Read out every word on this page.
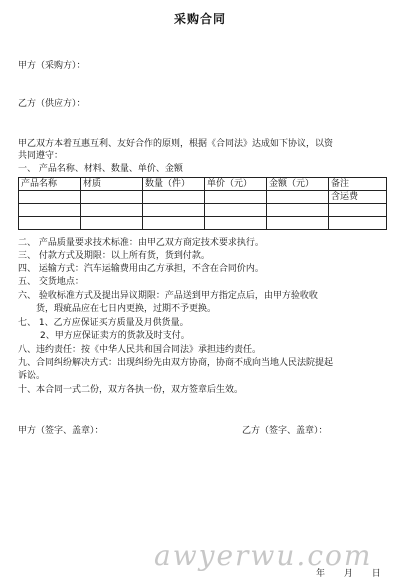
采购合同
甲方（采购方）：
乙方（供应方）：
甲乙双方本着互惠互利、友好合作的原则，根据《合同法》达成如下协议，以资
共同遵守：
一、 产品名称、材料、数量、单价、金额
产品名称	材质	数量（件）	单价（元）	金额（元）	备注
					含运费

二、 产品质量要求技术标准：由甲乙双方商定技术要求执行。
三、 付款方式及期限：以上所有货，货到付款。
四、 运输方式：汽车运输费用由乙方承担，不含在合同价内。
五、 交货地点：
六、 验收标准方式及提出异议期限：产品送到甲方指定点后，由甲方验收收
货，瑕疵品应在七日内更换，过期不予更换。
七、 1、乙方应保证买方质量及月供货量。
2、甲方应保证卖方的货款及时支付。
八、违约责任：按《中华人民共和国合同法》承担违约责任。
九、合同纠纷解决方式：出现纠纷先由双方协商，协商不成向当地人民法院提起
诉讼。
十、本合同一式二份，双方各执一份，双方签章后生效。
甲方（签字、盖章）：	乙方（签字、盖章）：
awyerwu.com
年 月 日
